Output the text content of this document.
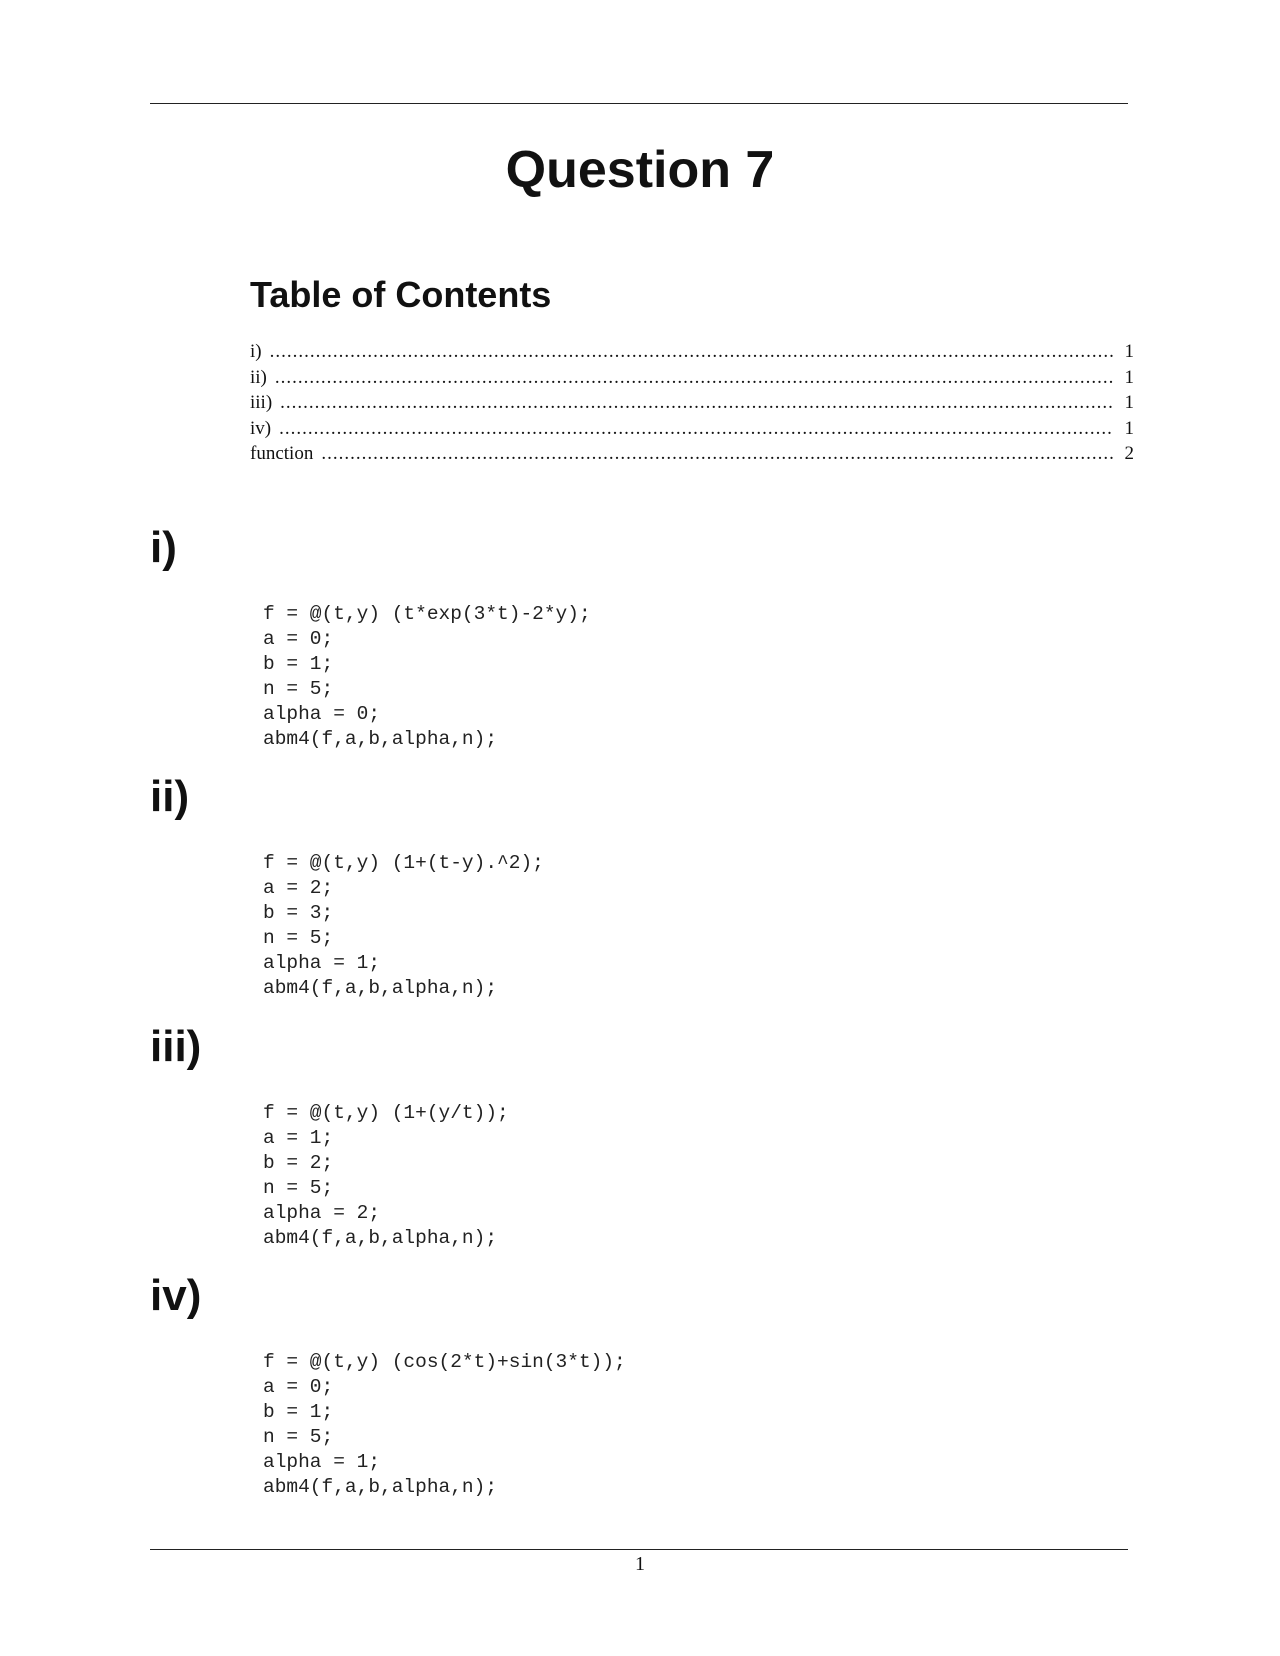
Question 7
Table of Contents
i) .....	1
ii) .....	1
iii) .....	1
iv) .....	1
function .....	2
i)
f = @(t,y) (t*exp(3*t)-2*y);
a = 0;
b = 1;
n = 5;
alpha = 0;
abm4(f,a,b,alpha,n);
ii)
f = @(t,y) (1+(t-y).^2);
a = 2;
b = 3;
n = 5;
alpha = 1;
abm4(f,a,b,alpha,n);
iii)
f = @(t,y) (1+(y/t));
a = 1;
b = 2;
n = 5;
alpha = 2;
abm4(f,a,b,alpha,n);
iv)
f = @(t,y) (cos(2*t)+sin(3*t));
a = 0;
b = 1;
n = 5;
alpha = 1;
abm4(f,a,b,alpha,n);
1
